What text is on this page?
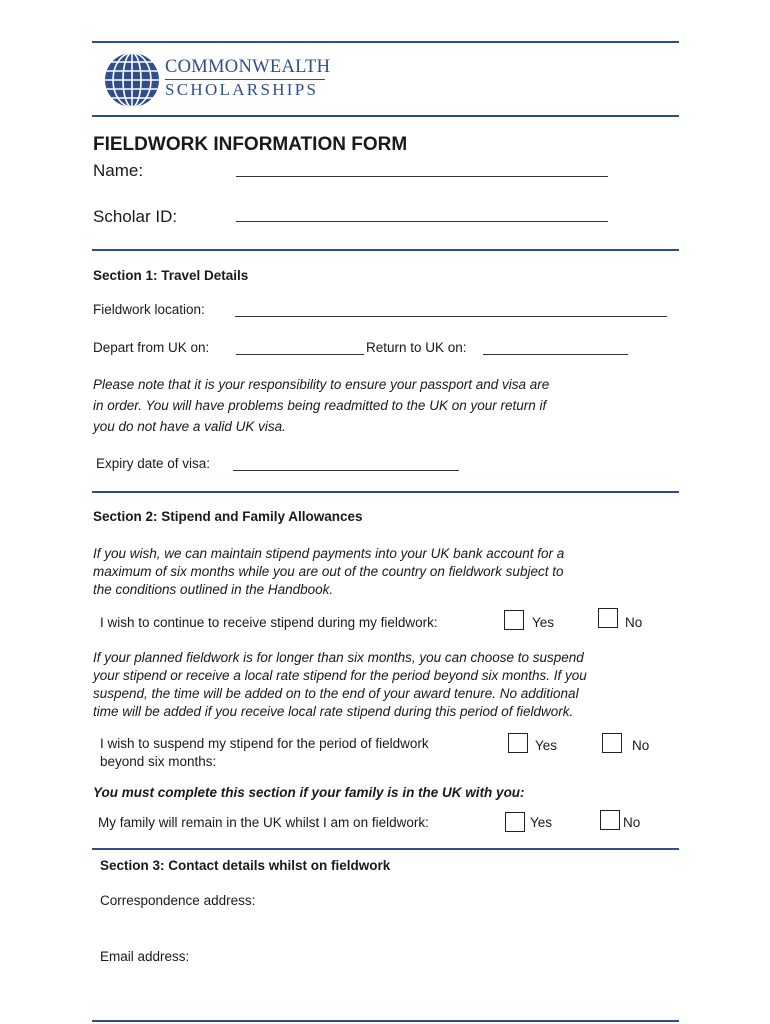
COMMONWEALTH
SCHOLARSHIPS
FIELDWORK INFORMATION FORM
Name:
Scholar ID:
Section 1: Travel Details
Fieldwork location:
Depart from UK on:	Return to UK on:
Please note that it is your responsibility to ensure your passport and visa are
in order. You will have problems being readmitted to the UK on your return if
you do not have a valid UK visa.
Expiry date of visa:
Section 2: Stipend and Family Allowances
If you wish, we can maintain stipend payments into your UK bank account for a
maximum of six months while you are out of the country on fieldwork subject to
the conditions outlined in the Handbook.
I wish to continue to receive stipend during my fieldwork:	Yes	No
If your planned fieldwork is for longer than six months, you can choose to suspend
your stipend or receive a local rate stipend for the period beyond six months. If you
suspend, the time will be added on to the end of your award tenure. No additional
time will be added if you receive local rate stipend during this period of fieldwork.
I wish to suspend my stipend for the period of fieldwork
beyond six months:
Yes	No
You must complete this section if your family is in the UK with you:
My family will remain in the UK whilst I am on fieldwork:	Yes	No
Section 3: Contact details whilst on fieldwork
Correspondence address:
Email address:
